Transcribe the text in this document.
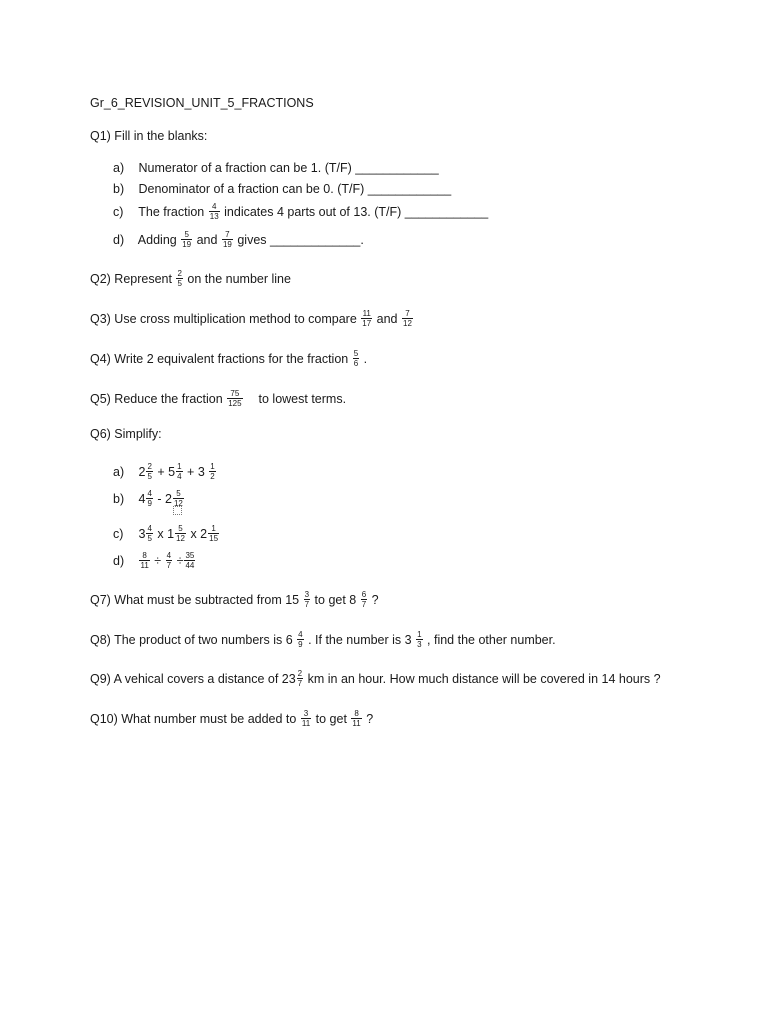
Gr_6_REVISION_UNIT_5_FRACTIONS
Q1) Fill in the blanks:
a) Numerator of a fraction can be 1. (T/F) ____________
b) Denominator of a fraction can be 0. (T/F) ____________
c) The fraction $\frac{4}{13}$ indicates 4 parts out of 13. (T/F) ____________
d) Adding $\frac{5}{19}$ and $\frac{7}{19}$ gives _____________.
Q2) Represent $\frac{2}{5}$ on the number line
Q3) Use cross multiplication method to compare $\frac{11}{17}$ and $\frac{7}{12}$
Q4) Write 2 equivalent fractions for the fraction $\frac{5}{6}$ .
Q5) Reduce the fraction $\frac{75}{125}$ to lowest terms.
Q6) Simplify:
a) $2 \frac{2}{5} + 5 \frac{1}{4} + 3 \frac{1}{2}$
b) $4 \frac{4}{9} - 2 \frac{5}{12}$
c) $3 \frac{4}{5}$ x $1 \frac{5}{12}$ x $2 \frac{1}{15}$
$d) \frac{8}{11} \div \frac{4}{7} \div \frac{35}{44}$
Q7) What must be subtracted from $15 \frac{3}{7}$ to get $8 \frac{6}{7}$ ?
Q8) The product of two numbers is $6 \frac{4}{9}$ . If the number is $3 \frac{1}{3}$ , find the other number.
Q9) A vehical covers a distance of $23 \frac{2}{7}$ km in an hour. How much distance will be covered in 14 hours ?
Q10) What number must be added to $\frac{3}{11}$ to get $\frac{8}{11}$ ?
